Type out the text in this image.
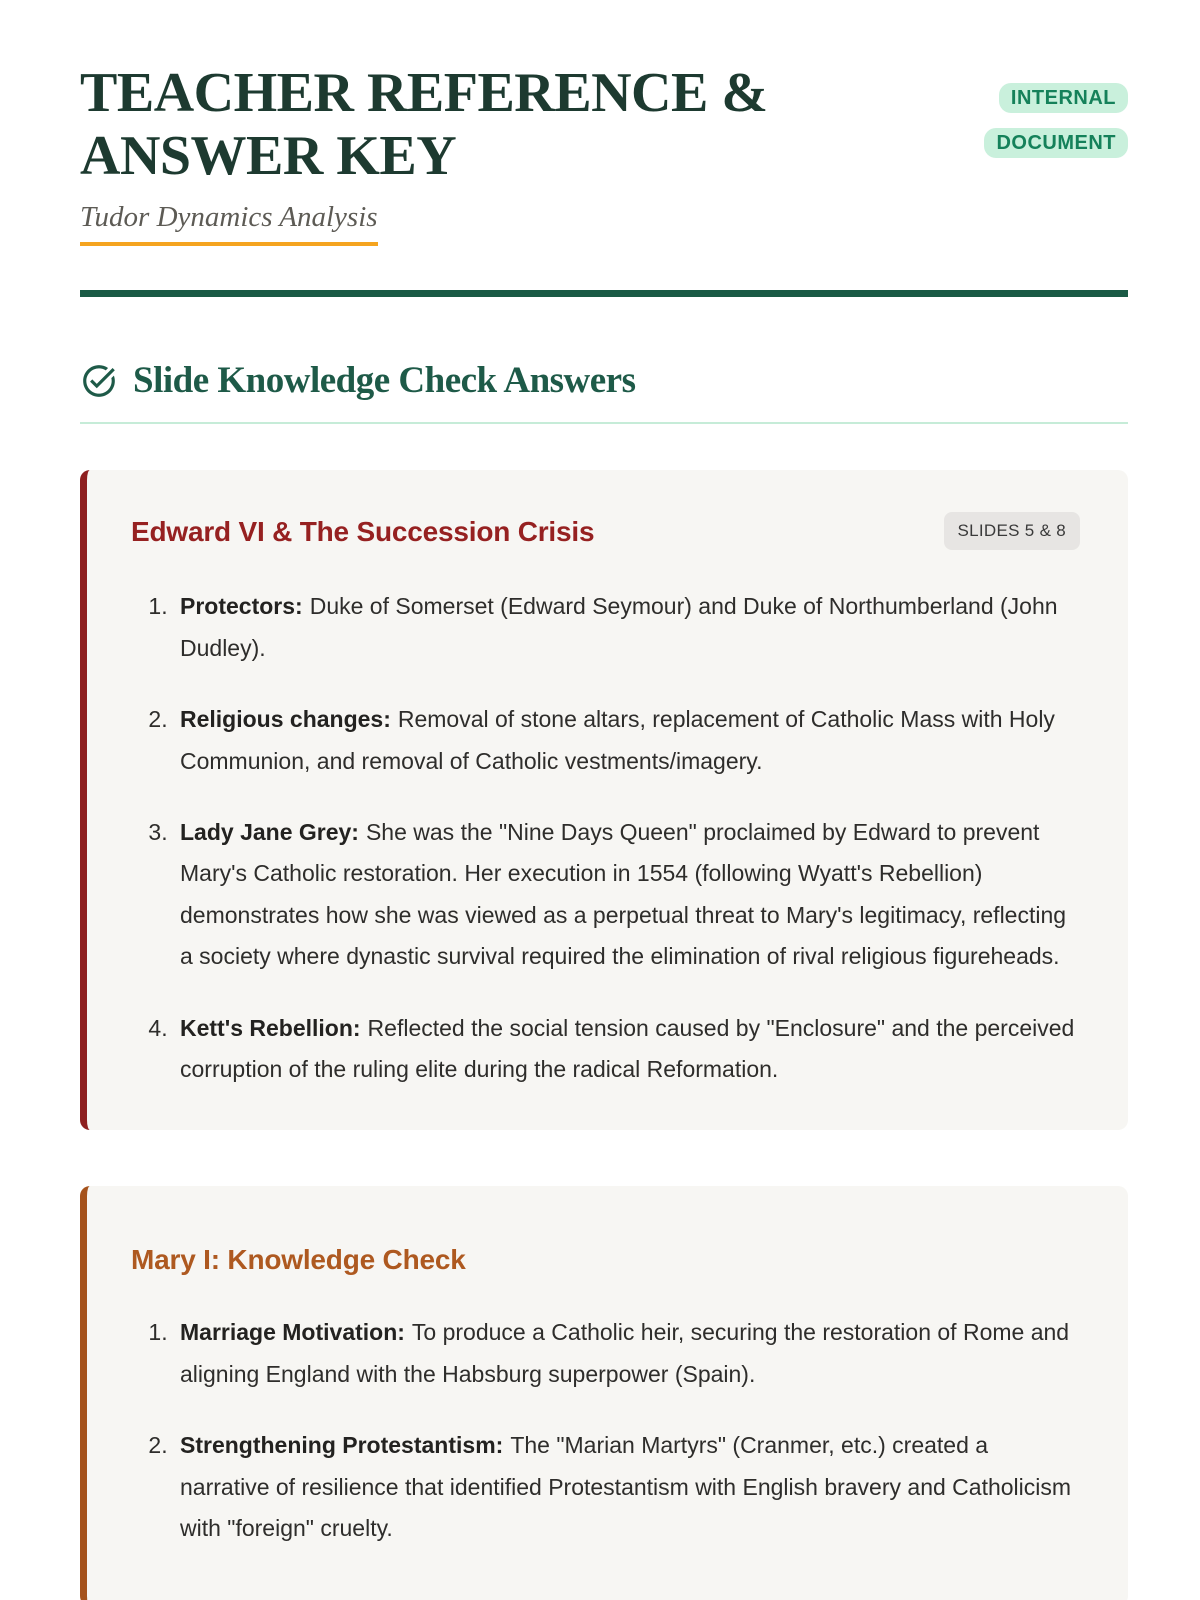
TEACHER REFERENCE & ANSWER KEY
INTERNAL DOCUMENT
Tudor Dynamics Analysis
Slide Knowledge Check Answers
Edward VI & The Succession Crisis	SLIDES 5 & 8
1. Protectors: Duke of Somerset (Edward Seymour) and Duke of Northumberland (John Dudley).
2. Religious changes: Removal of stone altars, replacement of Catholic Mass with Holy Communion, and removal of Catholic vestments/imagery.
3. Lady Jane Grey: She was the "Nine Days Queen" proclaimed by Edward to prevent Mary's Catholic restoration. Her execution in 1554 (following Wyatt's Rebellion) demonstrates how she was viewed as a perpetual threat to Mary's legitimacy, reflecting a society where dynastic survival required the elimination of rival religious figureheads.
4. Kett's Rebellion: Reflected the social tension caused by "Enclosure" and the perceived corruption of the ruling elite during the radical Reformation.
Mary I: Knowledge Check
1. Marriage Motivation: To produce a Catholic heir, securing the restoration of Rome and aligning England with the Habsburg superpower (Spain).
2. Strengthening Protestantism: The "Marian Martyrs" (Cranmer, etc.) created a narrative of resilience that identified Protestantism with English bravery and Catholicism with "foreign" cruelty.
